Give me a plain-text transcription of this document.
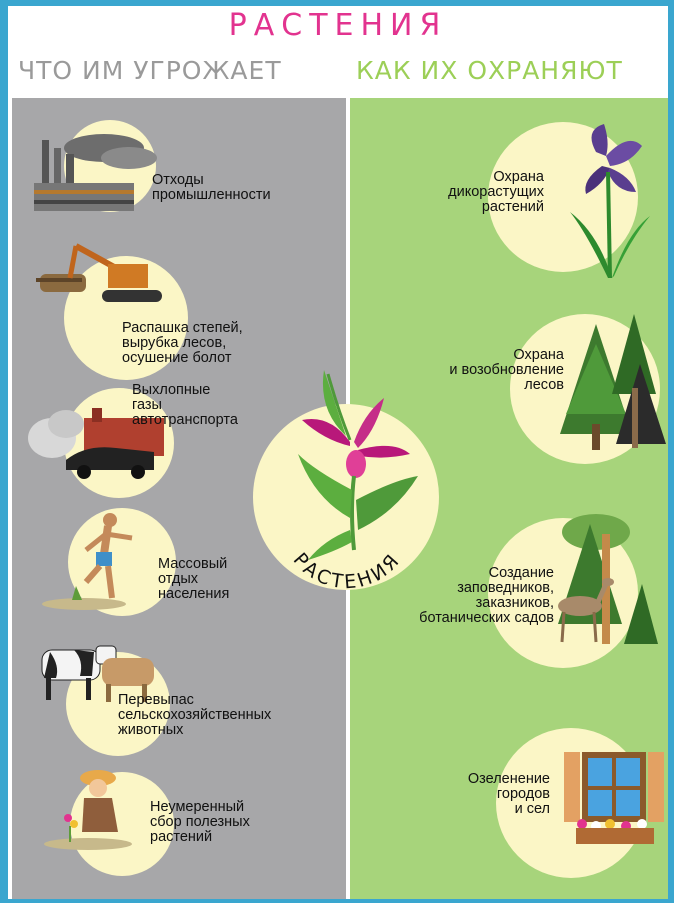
РАСТЕНИЯ
ЧТО ИМ УГРОЖАЕТ	КАК ИХ ОХРАНЯЮТ
Отходы
промышленности
Распашка степей,
вырубка лесов,
осушение болот
Выхлопные
газы
автотранспорта
Массовый
отдых
населения
Перевыпас
сельскохозяйственных
животных
Неумеренный
сбор полезных
растений
Охрана
дикорастущих
растений
Охрана
и возобновление
лесов
Создание
заповедников,
заказников,
ботанических садов
Озеленение
городов
и сел
РАСТЕНИЯ
